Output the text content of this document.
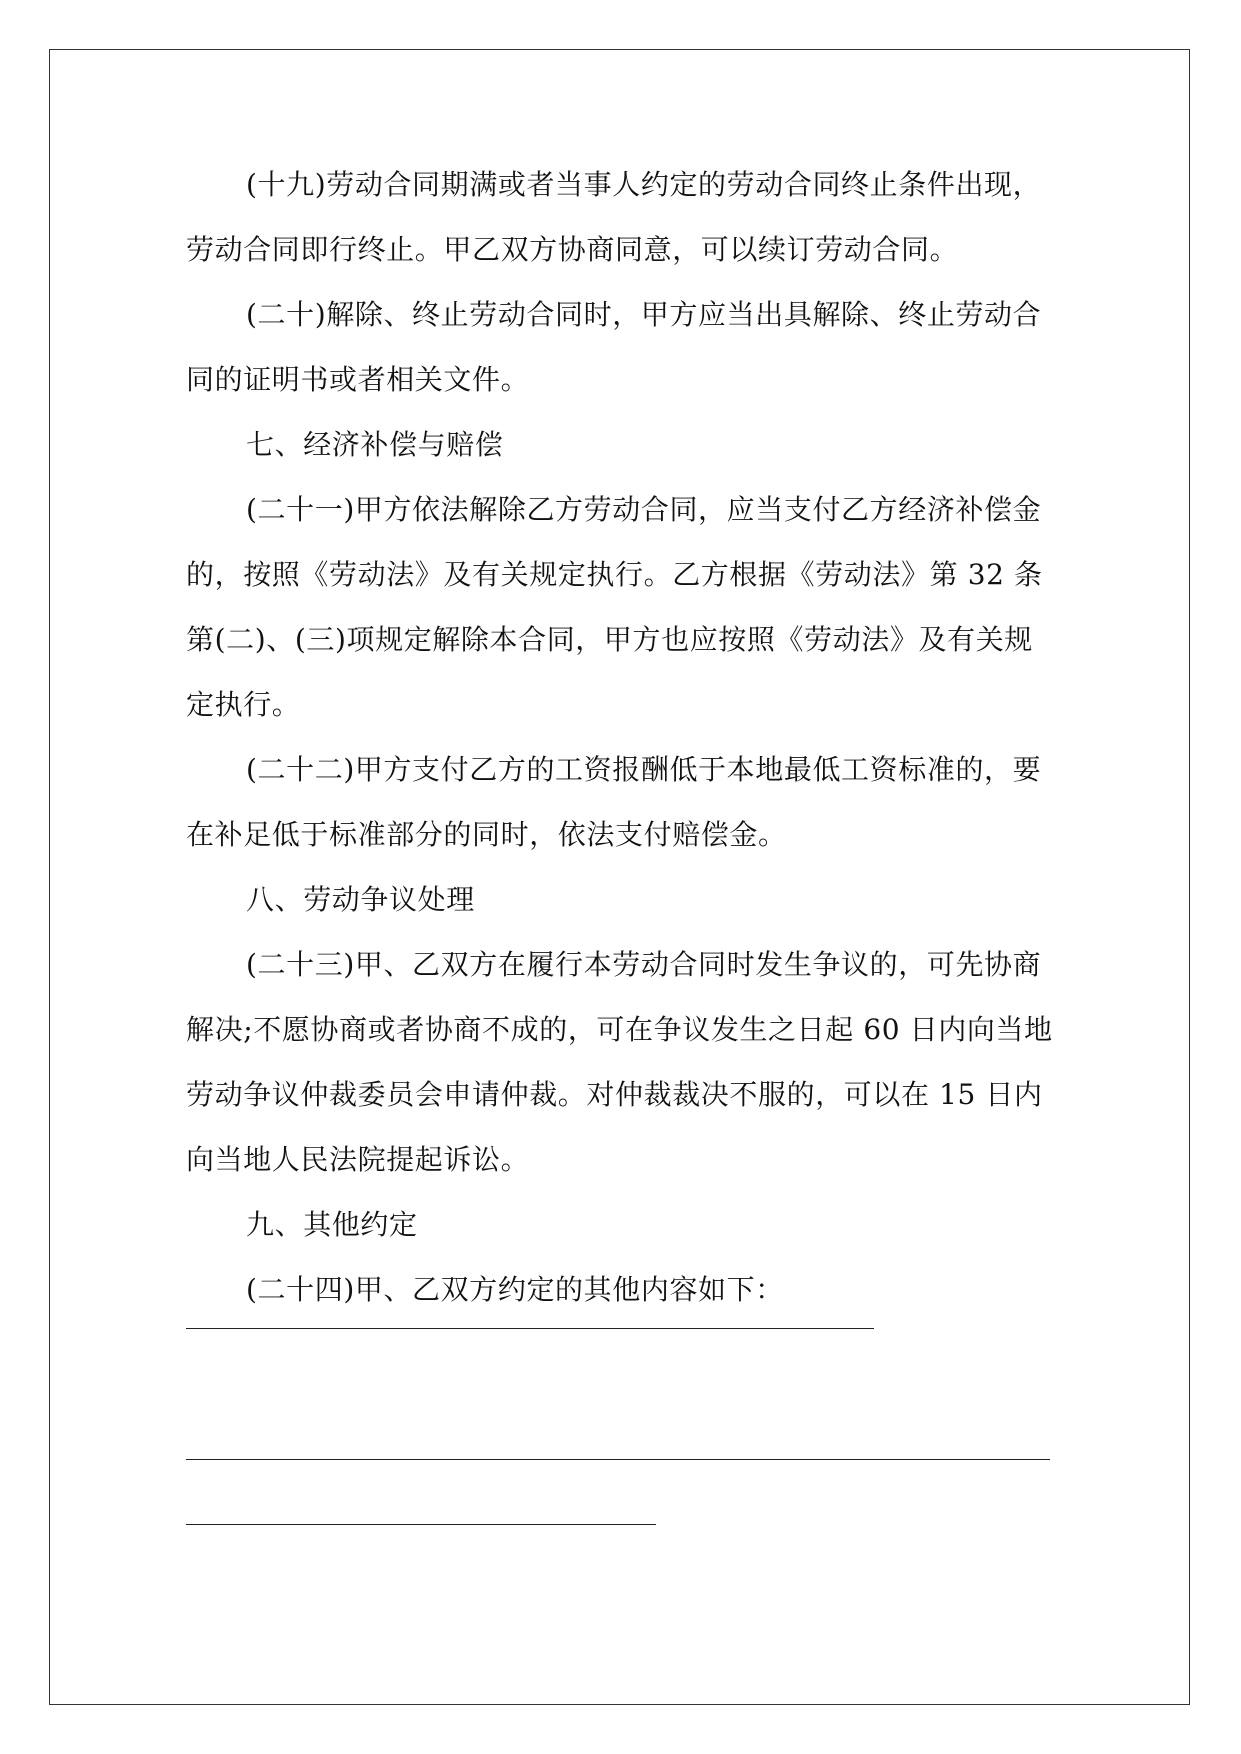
(十九)劳动合同期满或者当事人约定的劳动合同终止条件出现，
劳动合同即行终止。甲乙双方协商同意，可以续订劳动合同。
(二十)解除、终止劳动合同时，甲方应当出具解除、终止劳动合
同的证明书或者相关文件。
七、经济补偿与赔偿
(二十一)甲方依法解除乙方劳动合同，应当支付乙方经济补偿金
的，按照《劳动法》及有关规定执行。乙方根据《劳动法》第 32 条
第(二)、(三)项规定解除本合同，甲方也应按照《劳动法》及有关规
定执行。
(二十二)甲方支付乙方的工资报酬低于本地最低工资标准的，要
在补足低于标准部分的同时，依法支付赔偿金。
八、劳动争议处理
(二十三)甲、乙双方在履行本劳动合同时发生争议的，可先协商
解决;不愿协商或者协商不成的，可在争议发生之日起 60 日内向当地
劳动争议仲裁委员会申请仲裁。对仲裁裁决不服的，可以在 15 日内
向当地人民法院提起诉讼。
九、其他约定
(二十四)甲、乙双方约定的其他内容如下：
